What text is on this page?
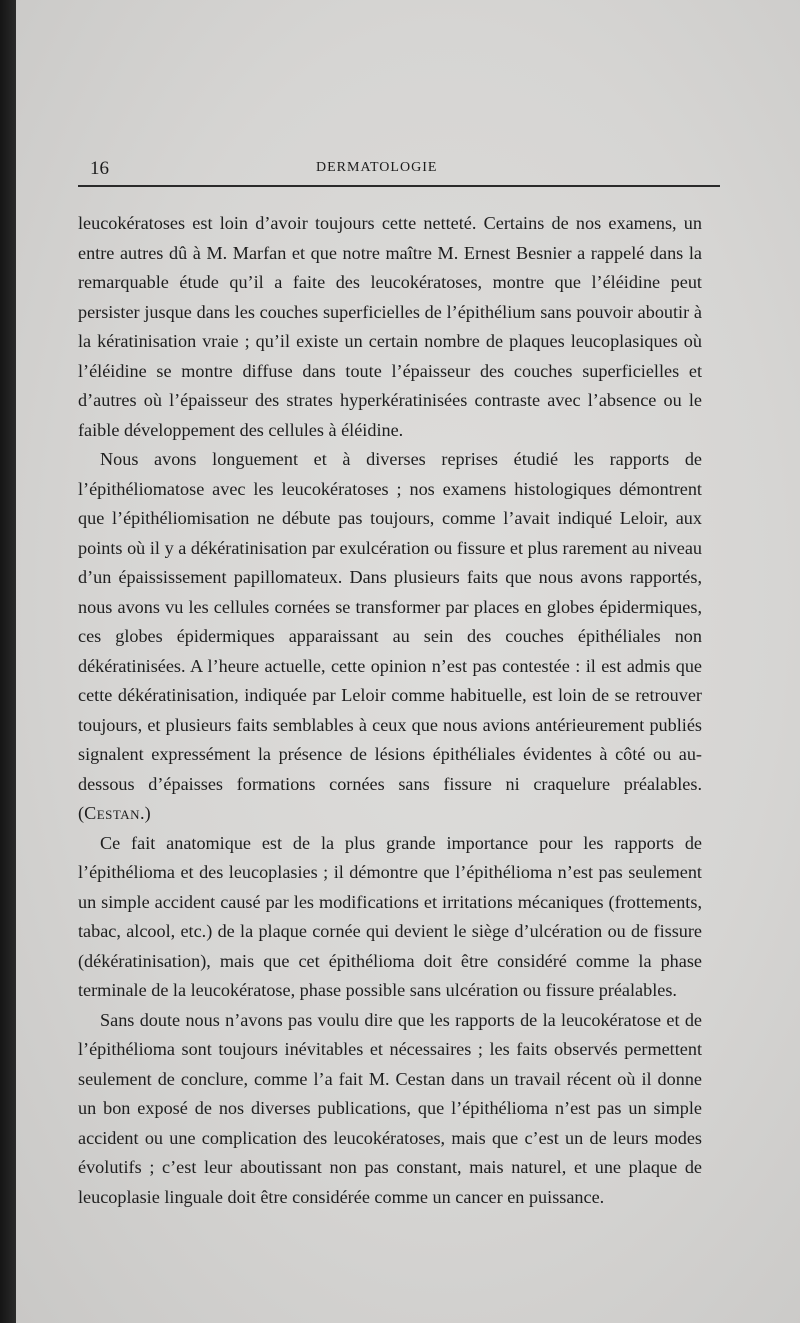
16	DERMATOLOGIE

leucokératoses est loin d’avoir toujours cette netteté. Certains de nos examens, un entre autres dû à M. Marfan et que notre maître M. Ernest Besnier a rappelé dans la remarquable étude qu’il a faite des leucokératoses, montre que l’éléidine peut persister jusque dans les couches superficielles de l’épithélium sans pouvoir aboutir à la kératinisation vraie ; qu’il existe un certain nombre de plaques leucoplasiques où l’éléidine se montre diffuse dans toute l’épaisseur des couches superficielles et d’autres où l’épaisseur des strates hyperkératinisées contraste avec l’absence ou le faible développement des cellules à éléidine.

Nous avons longuement et à diverses reprises étudié les rapports de l’épithéliomatose avec les leucokératoses ; nos examens histologiques démontrent que l’épithéliomisation ne débute pas toujours, comme l’avait indiqué Leloir, aux points où il y a dékératinisation par exulcération ou fissure et plus rarement au niveau d’un épaississement papillomateux. Dans plusieurs faits que nous avons rapportés, nous avons vu les cellules cornées se transformer par places en globes épidermiques, ces globes épidermiques apparaissant au sein des couches épithéliales non dékératinisées. A l’heure actuelle, cette opinion n’est pas contestée : il est admis que cette dékératinisation, indiquée par Leloir comme habituelle, est loin de se retrouver toujours, et plusieurs faits semblables à ceux que nous avions antérieurement publiés signalent expressément la présence de lésions épithéliales évidentes à côté ou au-dessous d’épaisses formations cornées sans fissure ni craquelure préalables. (Cestan.)

Ce fait anatomique est de la plus grande importance pour les rapports de l’épithélioma et des leucoplasies ; il démontre que l’épithélioma n’est pas seulement un simple accident causé par les modifications et irritations mécaniques (frottements, tabac, alcool, etc.) de la plaque cornée qui devient le siège d’ulcération ou de fissure (dékératinisation), mais que cet épithélioma doit être considéré comme la phase terminale de la leucokératose, phase possible sans ulcération ou fissure préalables.

Sans doute nous n’avons pas voulu dire que les rapports de la leucokératose et de l’épithélioma sont toujours inévitables et nécessaires ; les faits observés permettent seulement de conclure, comme l’a fait M. Cestan dans un travail récent où il donne un bon exposé de nos diverses publications, que l’épithélioma n’est pas un simple accident ou une complication des leucokératoses, mais que c’est un de leurs modes évolutifs ; c’est leur aboutissant non pas constant, mais naturel, et une plaque de leucoplasie linguale doit être considérée comme un cancer en puissance.
